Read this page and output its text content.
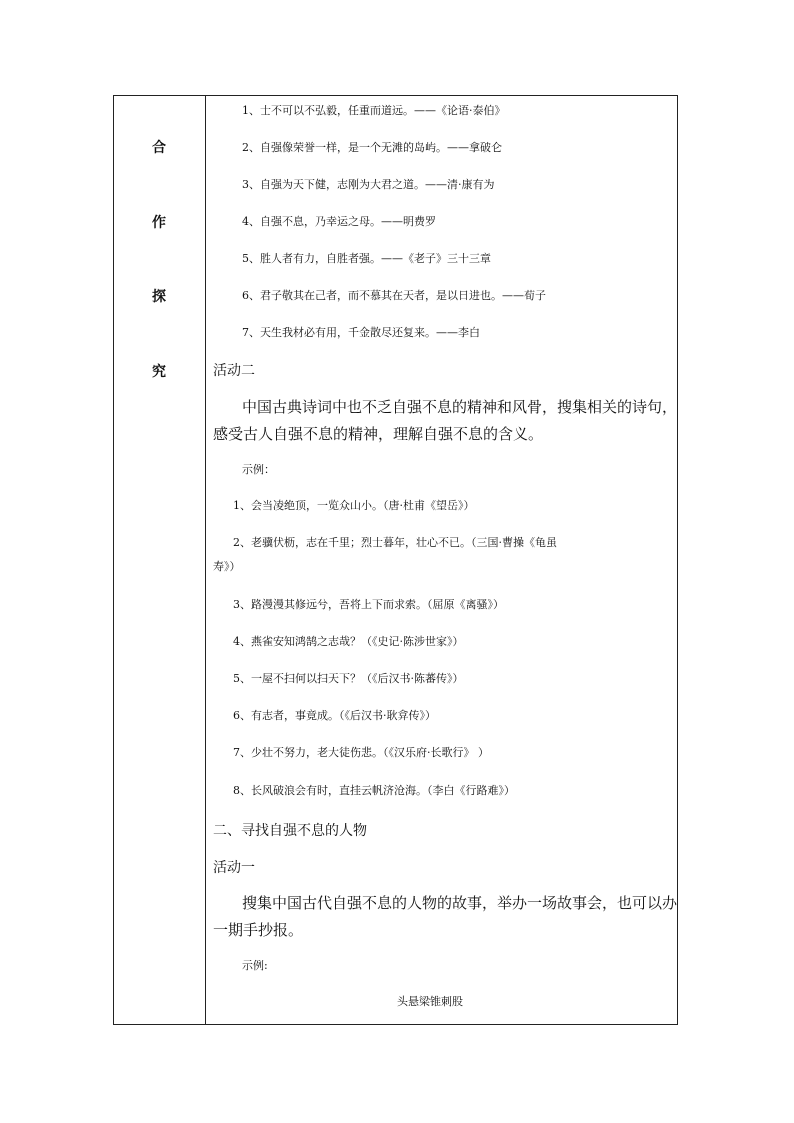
合
作
探
究
1、士不可以不弘毅，任重而道远。——《论语·泰伯》
2、自强像荣誉一样，是一个无滩的岛屿。——拿破仑
3、自强为天下健，志刚为大君之道。——清·康有为
4、自强不息，乃幸运之母。——明费罗
5、胜人者有力，自胜者强。——《老子》三十三章
6、君子敬其在己者，而不慕其在天者，是以日进也。——荀子
7、天生我材必有用，千金散尽还复来。——李白
活动二
中国古典诗词中也不乏自强不息的精神和风骨，搜集相关的诗句，
感受古人自强不息的精神，理解自强不息的含义。
示例：
1、会当凌绝顶，一览众山小。（唐·杜甫《望岳》）
2、老骥伏枥，志在千里；烈士暮年，壮心不已。（三国·曹操《龟虽
寿》）
3、路漫漫其修远兮，吾将上下而求索。（屈原《离骚》）
4、燕雀安知鸿鹄之志哉？（《史记·陈涉世家》）
5、一屋不扫何以扫天下？（《后汉书·陈蕃传》）
6、有志者，事竟成。（《后汉书·耿弇传》）
7、少壮不努力，老大徒伤悲。（《汉乐府·长歌行》 ）
8、长风破浪会有时，直挂云帆济沧海。（李白《行路难》）
二、寻找自强不息的人物
活动一
搜集中国古代自强不息的人物的故事，举办一场故事会，也可以办
一期手抄报。
示例:
头悬梁锥刺股
